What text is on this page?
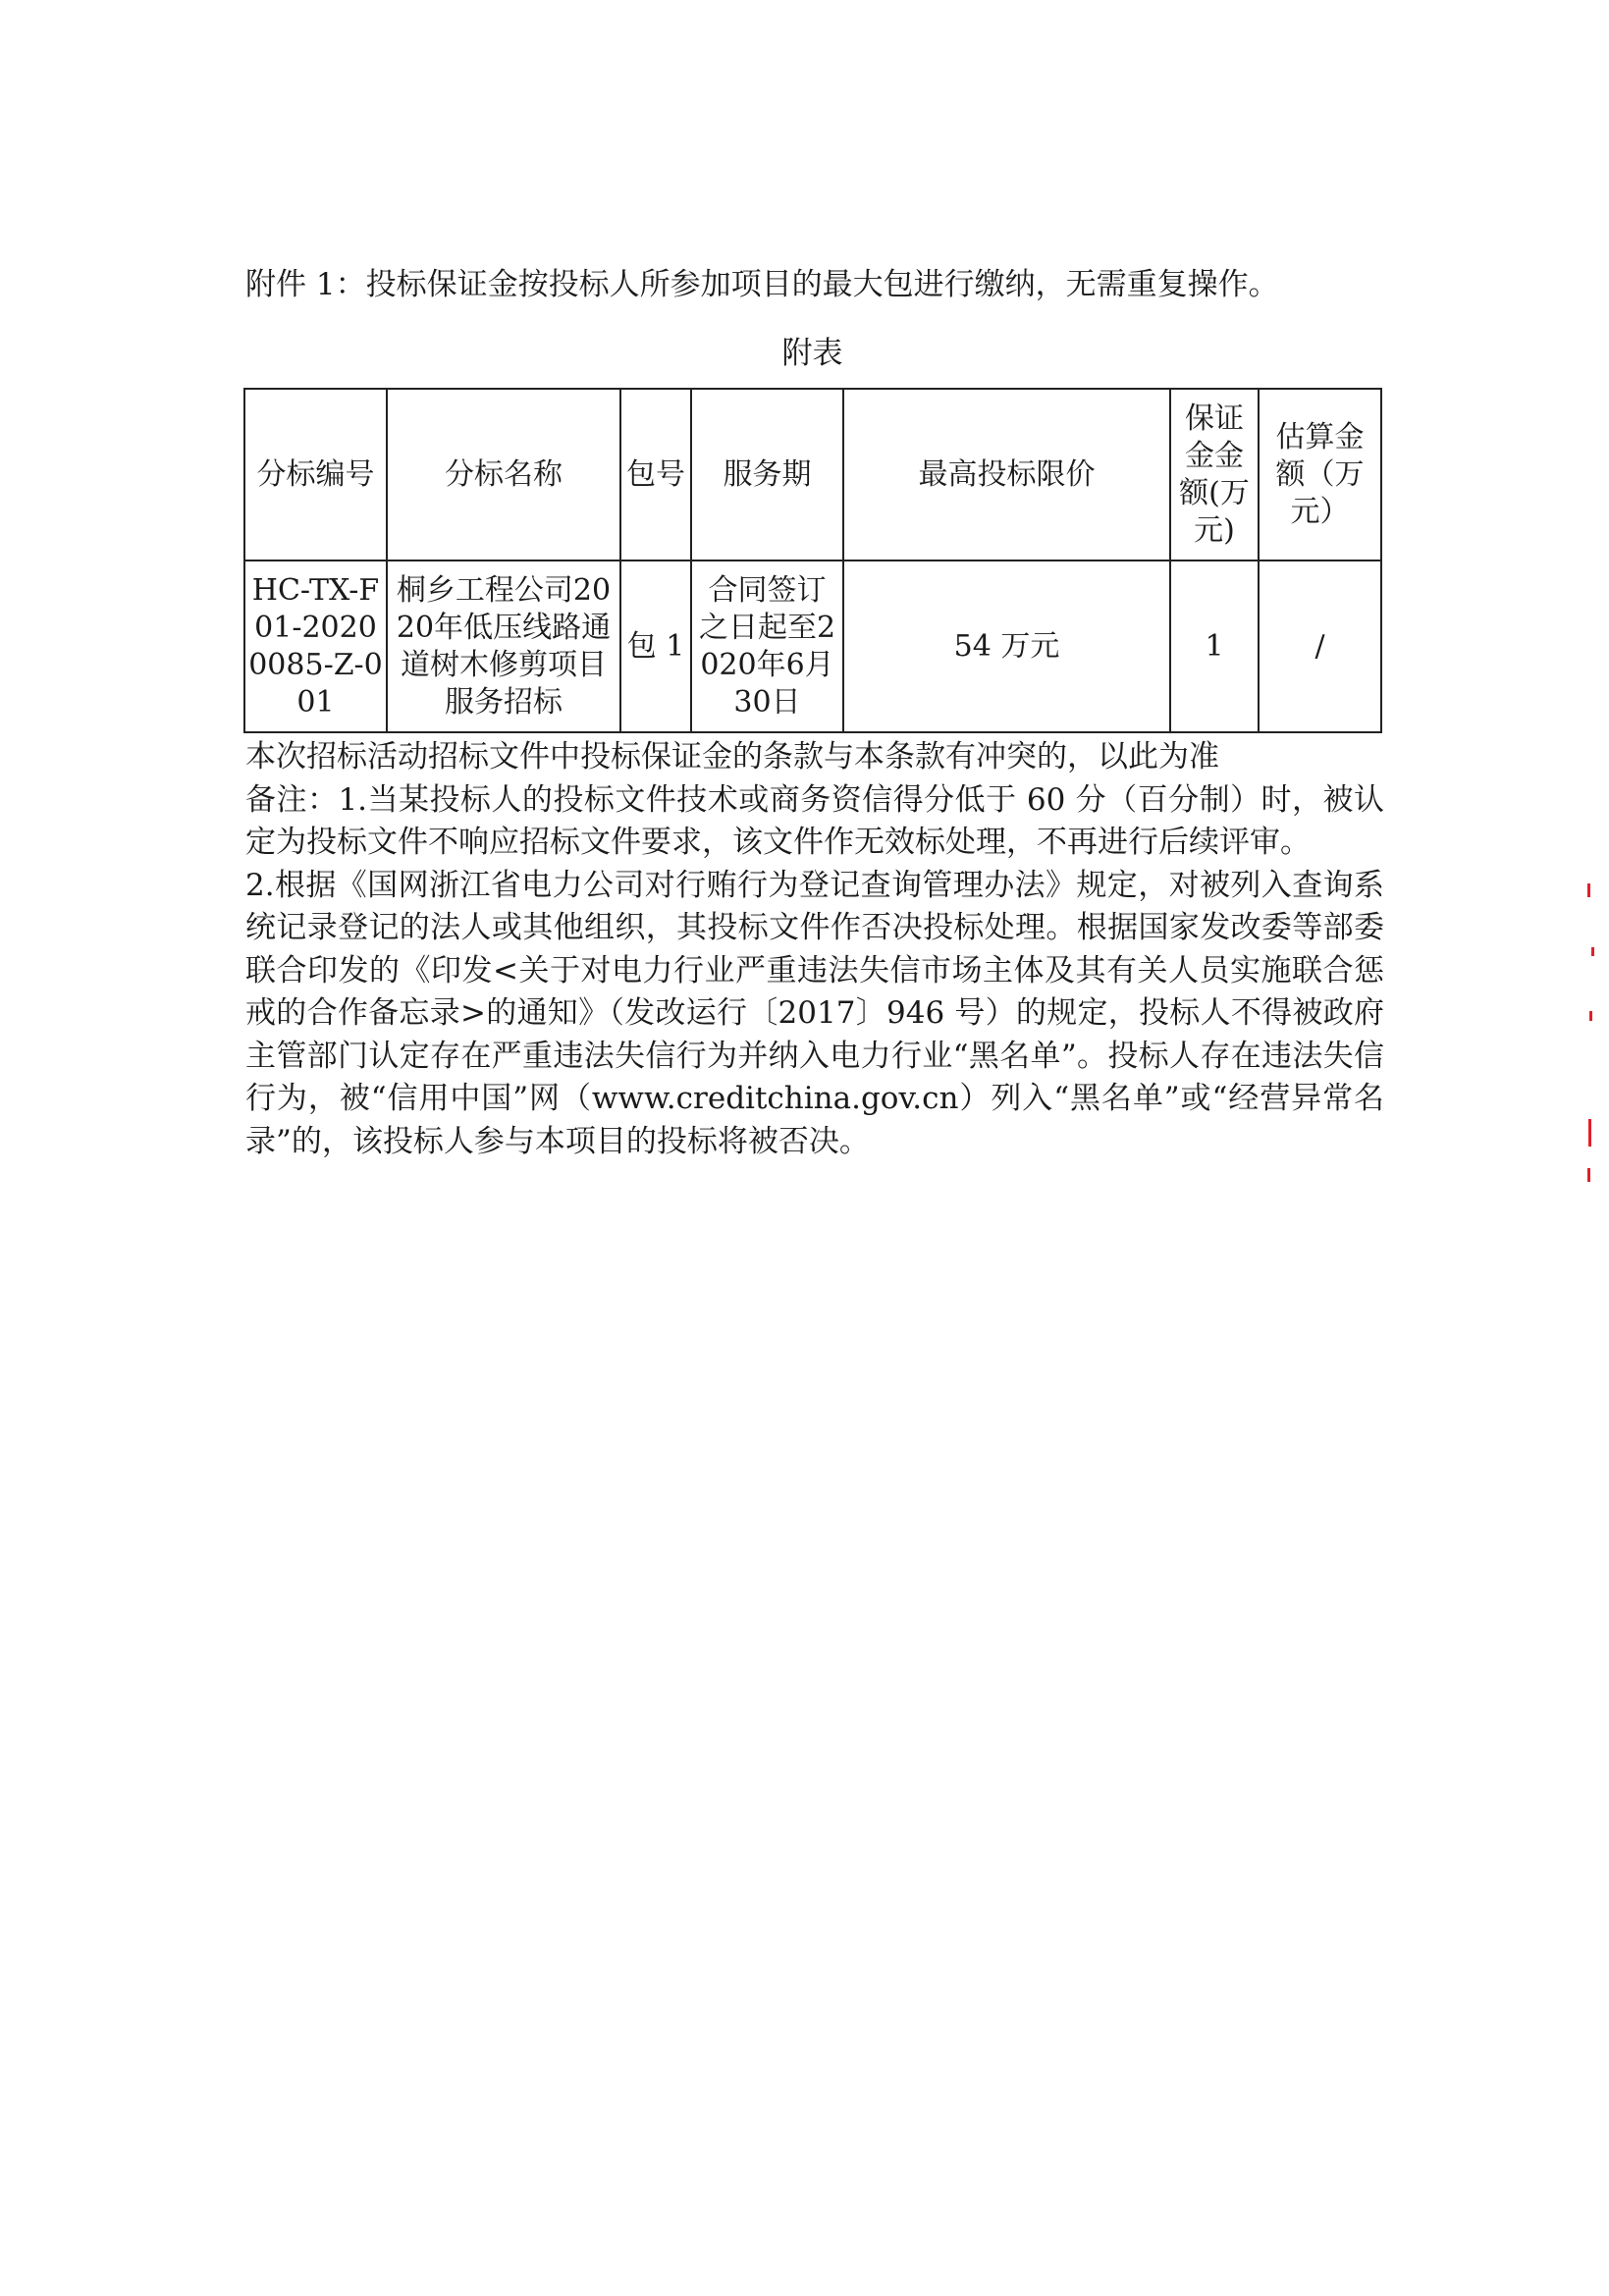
附件 1：投标保证金按投标人所参加项目的最大包进行缴纳，无需重复操作。
附表
分标编号	分标名称	包号	服务期	最高投标限价	保证金金额(万元)	估算金额（万元）
HC-TX-F01-20200085-Z-001	桐乡工程公司2020年低压线路通道树木修剪项目服务招标	包 1	合同签订之日起至2020年6月30日	54 万元	1	/

本次招标活动招标文件中投标保证金的条款与本条款有冲突的，以此为准

备注：1.当某投标人的投标文件技术或商务资信得分低于 60 分（百分制）时，被认定为投标文件不响应招标文件要求，该文件作无效标处理，不再进行后续评审。

2.根据《国网浙江省电力公司对行贿行为登记查询管理办法》规定，对被列入查询系统记录登记的法人或其他组织，其投标文件作否决投标处理。根据国家发改委等部委联合印发的《印发<关于对电力行业严重违法失信市场主体及其有关人员实施联合惩戒的合作备忘录>的通知》（发改运行〔2017〕946 号）的规定，投标人不得被政府主管部门认定存在严重违法失信行为并纳入电力行业“黑名单”。投标人存在违法失信行为，被“信用中国”网（www.creditchina.gov.cn）列入“黑名单”或“经营异常名录”的，该投标人参与本项目的投标将被否决。
